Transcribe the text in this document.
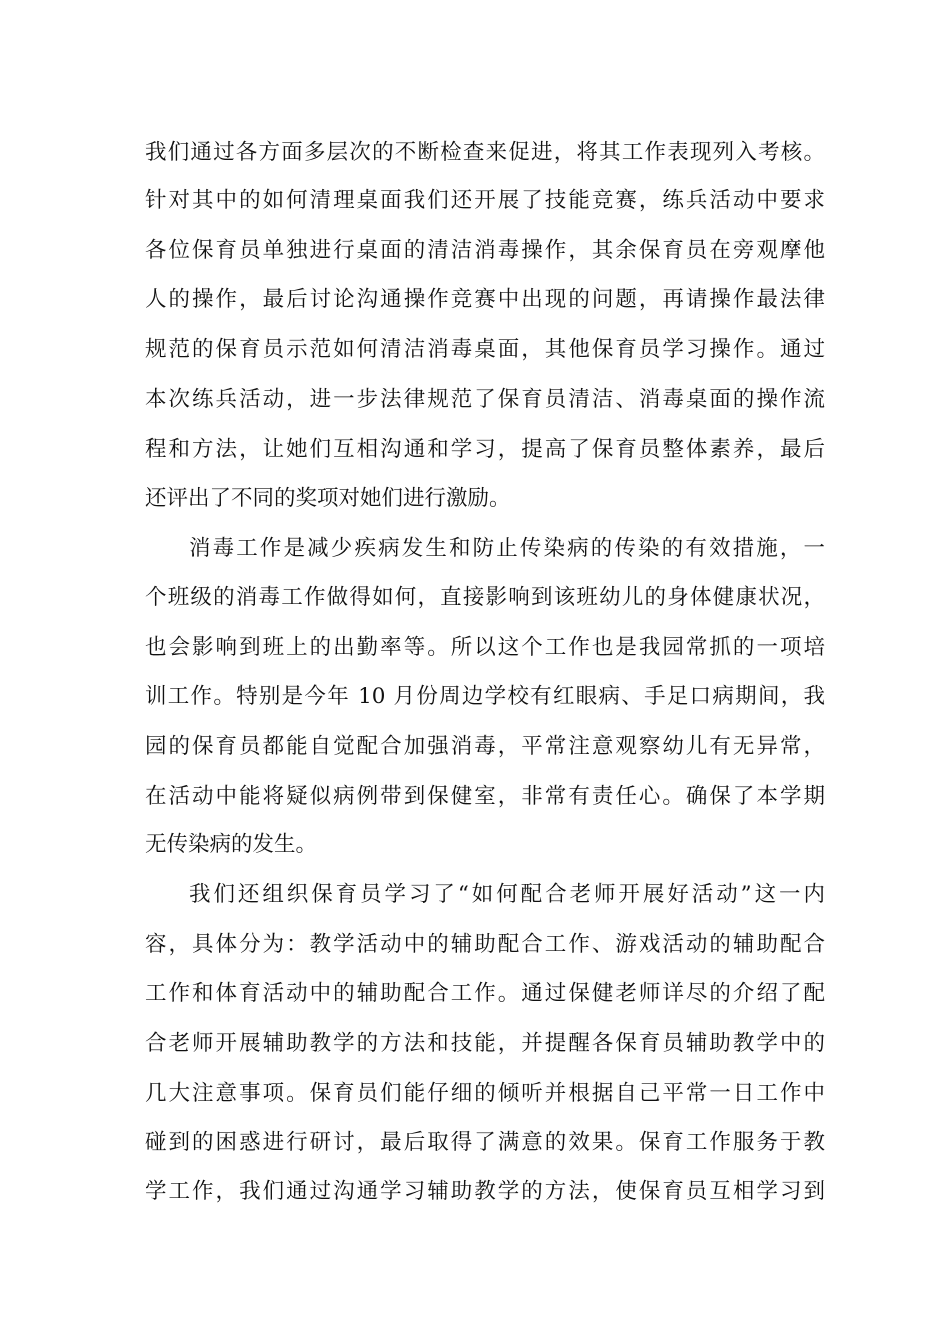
我们通过各方面多层次的不断检查来促进，将其工作表现列入考核。
针对其中的如何清理桌面我们还开展了技能竞赛，练兵活动中要求
各位保育员单独进行桌面的清洁消毒操作，其余保育员在旁观摩他
人的操作，最后讨论沟通操作竞赛中出现的问题，再请操作最法律
规范的保育员示范如何清洁消毒桌面，其他保育员学习操作。通过
本次练兵活动，进一步法律规范了保育员清洁、消毒桌面的操作流
程和方法，让她们互相沟通和学习，提高了保育员整体素养，最后
还评出了不同的奖项对她们进行激励。
消毒工作是减少疾病发生和防止传染病的传染的有效措施，一
个班级的消毒工作做得如何，直接影响到该班幼儿的身体健康状况，
也会影响到班上的出勤率等。所以这个工作也是我园常抓的一项培
训工作。特别是今年 10 月份周边学校有红眼病、手足口病期间，我
园的保育员都能自觉配合加强消毒，平常注意观察幼儿有无异常，
在活动中能将疑似病例带到保健室，非常有责任心。确保了本学期
无传染病的发生。
我们还组织保育员学习了“如何配合老师开展好活动”这一内
容，具体分为：教学活动中的辅助配合工作、游戏活动的辅助配合
工作和体育活动中的辅助配合工作。通过保健老师详尽的介绍了配
合老师开展辅助教学的方法和技能，并提醒各保育员辅助教学中的
几大注意事项。保育员们能仔细的倾听并根据自己平常一日工作中
碰到的困惑进行研讨，最后取得了满意的效果。保育工作服务于教
学工作，我们通过沟通学习辅助教学的方法，使保育员互相学习到
